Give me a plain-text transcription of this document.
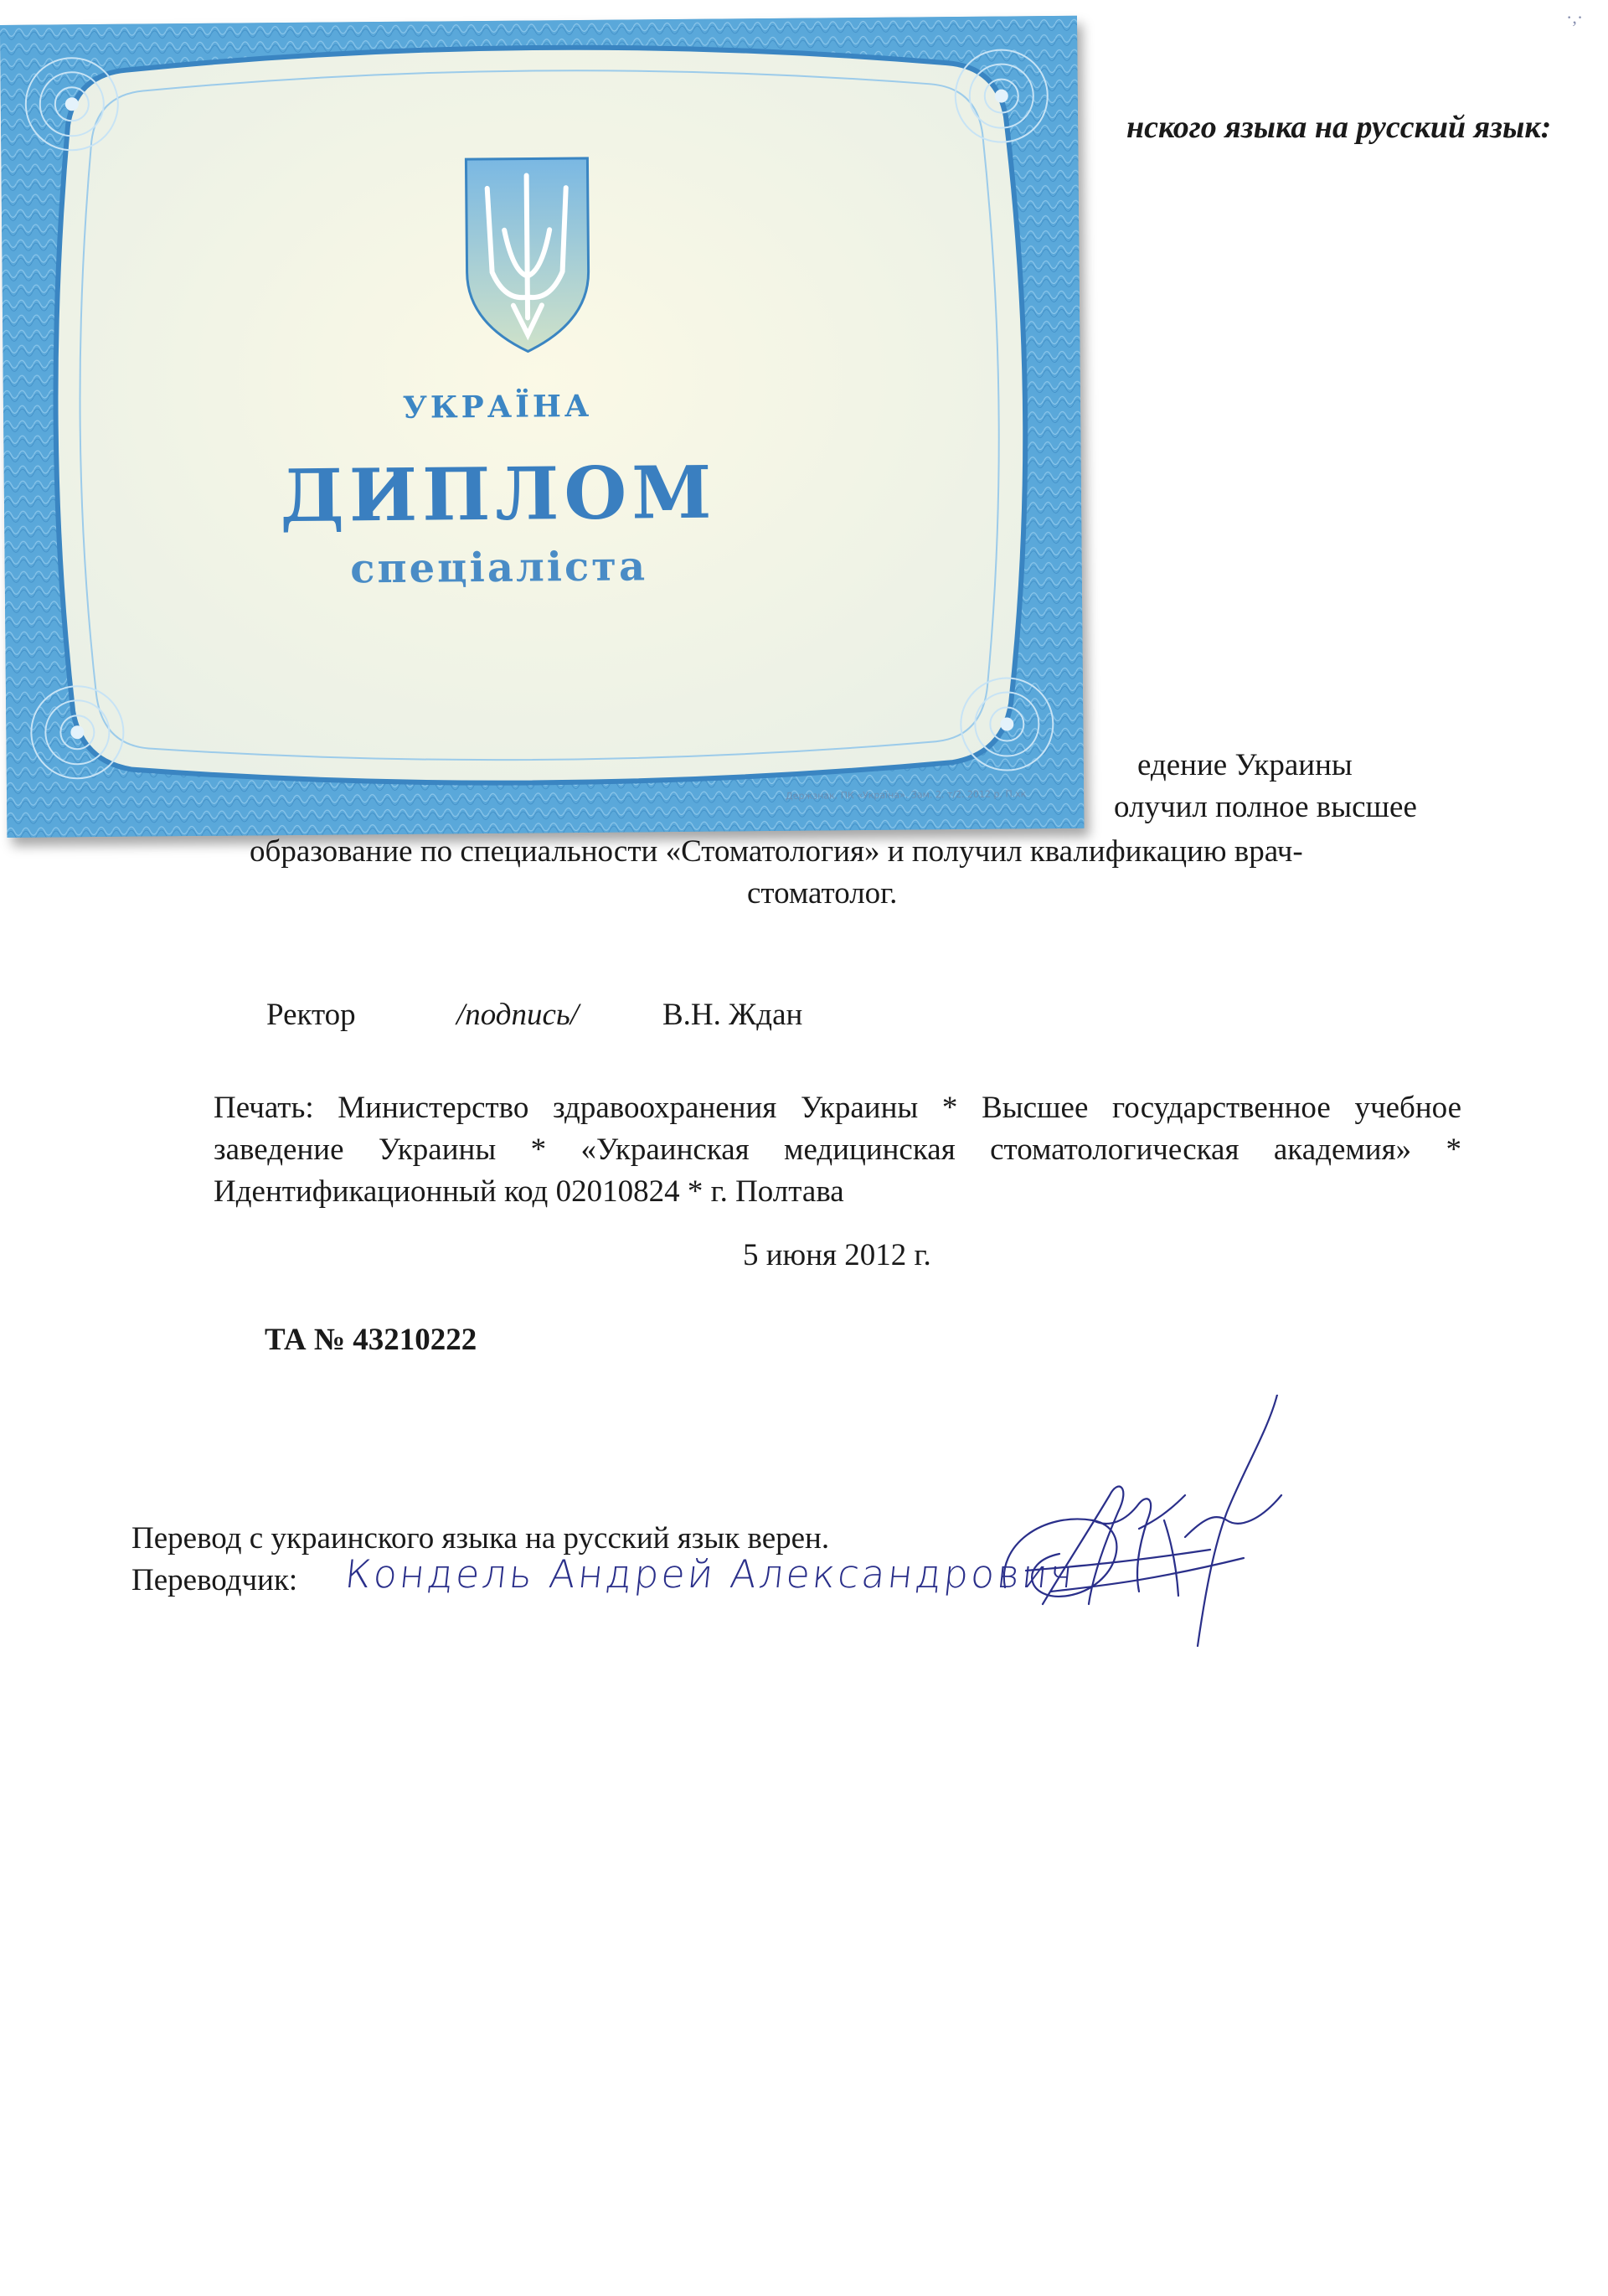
нского языка на русский язык:
едение Украины
олучил полное высшее
образование по специальности «Стоматология» и получил квалификацию врач-
стоматолог.
Ректор	/подпись/	В.Н. Ждан
Печать: Министерство здравоохранения Украины * Высшее государственное учебное
заведение Украины * «Украинская медицинская стоматологическая академия» *
Идентификационный код 02010824 * г. Полтава
5 июня 2012 г.
ТА № 43210222
Перевод с украинского языка на русский язык верен.
Переводчик: Кондель Андрей Александрович
·,·
УКРАЇНА
ДИПЛОМ
спеціаліста
Держзнак. ПК «Україна». Зам. 2. т/2. 2012 р. П.хк
